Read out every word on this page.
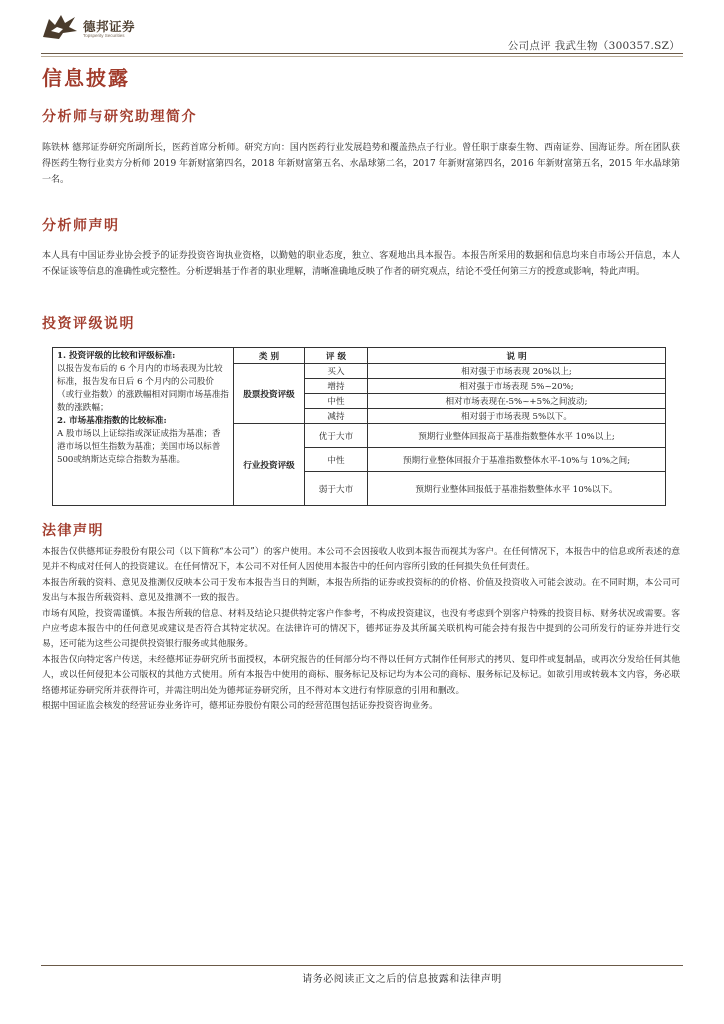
德邦证券
Topsperity Securities
公司点评 我武生物（300357.SZ）
信息披露
分析师与研究助理简介

陈铁林 德邦证券研究所副所长，医药首席分析师。研究方向：国内医药行业发展趋势和覆盖热点子行业。曾任职于康泰生物、西南证券、国海证券。所在团队获得医药生物行业卖方分析师 2019 年新财富第四名，2018 年新财富第五名、水晶球第二名，2017 年新财富第四名，2016 年新财富第五名，2015 年水晶球第一名。

分析师声明

本人具有中国证券业协会授予的证券投资咨询执业资格，以勤勉的职业态度，独立、客观地出具本报告。本报告所采用的数据和信息均来自市场公开信息，本人不保证该等信息的准确性或完整性。分析逻辑基于作者的职业理解，清晰准确地反映了作者的研究观点，结论不受任何第三方的授意或影响，特此声明。

投资评级说明
1. 投资评级的比较和评级标准:
以报告发布后的 6 个月内的市场表现为比较标准，报告发布日后 6 个月内的公司股价（或行业指数）的涨跌幅相对同期市场基准指数的涨跌幅；
2. 市场基准指数的比较标准:
A 股市场以上证综指或深证成指为基准；香港市场以恒生指数为基准；美国市场以标普500或纳斯达克综合指数为基准。	类 别	评 级	说 明
	股票投资评级	买入	相对强于市场表现 20%以上;
		增持	相对强于市场表现 5%~20%;
		中性	相对市场表现在-5%~+5%之间波动;
		减持	相对弱于市场表现 5%以下。
	行业投资评级	优于大市	预期行业整体回报高于基准指数整体水平 10%以上;
		中性	预期行业整体回报介于基准指数整体水平-10%与 10%之间;
		弱于大市	预期行业整体回报低于基准指数整体水平 10%以下。
法律声明

本报告仅供德邦证券股份有限公司（以下简称“本公司”）的客户使用。本公司不会因接收人收到本报告而视其为客户。在任何情况下，本报告中的信息或所表述的意见并不构成对任何人的投资建议。在任何情况下，本公司不对任何人因使用本报告中的任何内容所引致的任何损失负任何责任。

本报告所载的资料、意见及推测仅反映本公司于发布本报告当日的判断，本报告所指的证券或投资标的的价格、价值及投资收入可能会波动。在不同时期，本公司可发出与本报告所载资料、意见及推测不一致的报告。

市场有风险，投资需谨慎。本报告所载的信息、材料及结论只提供特定客户作参考，不构成投资建议，也没有考虑到个别客户特殊的投资目标、财务状况或需要。客户应考虑本报告中的任何意见或建议是否符合其特定状况。在法律许可的情况下，德邦证券及其所属关联机构可能会持有报告中提到的公司所发行的证券并进行交易，还可能为这些公司提供投资银行服务或其他服务。

本报告仅向特定客户传送，未经德邦证券研究所书面授权，本研究报告的任何部分均不得以任何方式制作任何形式的拷贝、复印件或复制品，或再次分发给任何其他人，或以任何侵犯本公司版权的其他方式使用。所有本报告中使用的商标、服务标记及标记均为本公司的商标、服务标记及标记。如欲引用或转载本文内容，务必联络德邦证券研究所并获得许可，并需注明出处为德邦证券研究所，且不得对本文进行有悖原意的引用和删改。

根据中国证监会核发的经营证券业务许可，德邦证券股份有限公司的经营范围包括证券投资咨询业务。

请务必阅读正文之后的信息披露和法律声明
